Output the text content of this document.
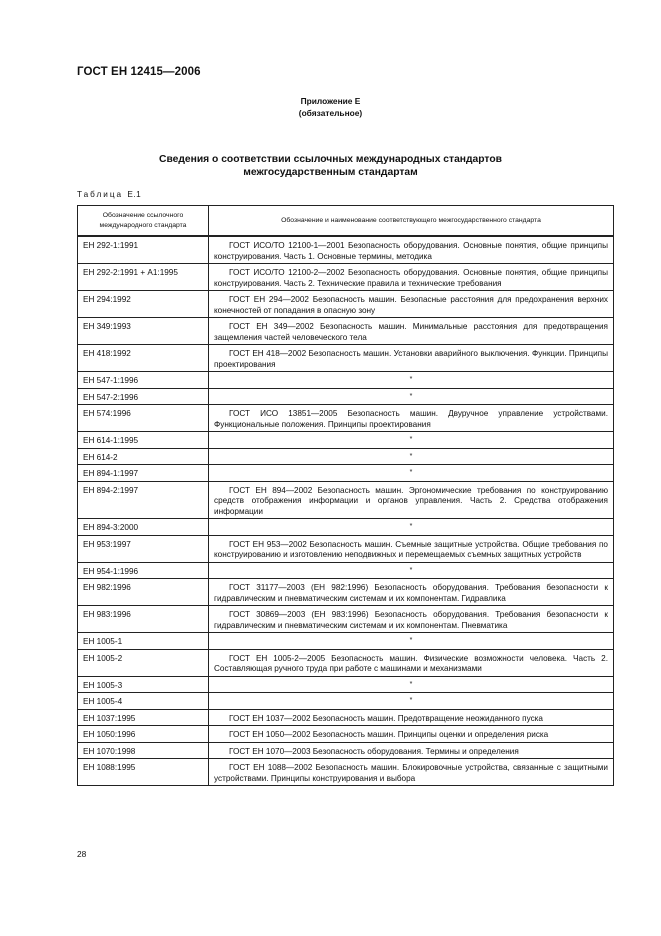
ГОСТ ЕН 12415—2006
Приложение Е
(обязательное)
Сведения о соответствии ссылочных международных стандартов
межгосударственным стандартам
Таблица Е.1
Обозначение ссылочного международного стандарта	Обозначение и наименование соответствующего межгосударственного стандарта
ЕН 292-1:1991	ГОСТ ИСО/ТО 12100-1—2001 Безопасность оборудования. Основные понятия, общие принципы конструирования. Часть 1. Основные термины, методика
ЕН 292-2:1991 + А1:1995	ГОСТ ИСО/ТО 12100-2—2002 Безопасность оборудования. Основные понятия, общие принципы конструирования. Часть 2. Технические правила и технические требования
ЕН 294:1992	ГОСТ ЕН 294—2002 Безопасность машин. Безопасные расстояния для предохранения верхних конечностей от попадания в опасную зону
ЕН 349:1993	ГОСТ ЕН 349—2002 Безопасность машин. Минимальные расстояния для предотвращения защемления частей человеческого тела
ЕН 418:1992	ГОСТ ЕН 418—2002 Безопасность машин. Установки аварийного выключения. Функции. Принципы проектирования
ЕН 547-1:1996	*
ЕН 547-2:1996	*
ЕН 574:1996	ГОСТ ИСО 13851—2005 Безопасность машин. Двуручное управление устройствами. Функциональные положения. Принципы проектирования
ЕН 614-1:1995	*
ЕН 614-2	*
ЕН 894-1:1997	*
ЕН 894-2:1997	ГОСТ ЕН 894—2002 Безопасность машин. Эргономические требования по конструированию средств отображения информации и органов управления. Часть 2. Средства отображения информации
ЕН 894-3:2000	*
ЕН 953:1997	ГОСТ ЕН 953—2002 Безопасность машин. Съемные защитные устройства. Общие требования по конструированию и изготовлению неподвижных и перемещаемых съемных защитных устройств
ЕН 954-1:1996	*
ЕН 982:1996	ГОСТ 31177—2003 (ЕН 982:1996) Безопасность оборудования. Требования безопасности к гидравлическим и пневматическим системам и их компонентам. Гидравлика
ЕН 983:1996	ГОСТ 30869—2003 (ЕН 983:1996) Безопасность оборудования. Требования безопасности к гидравлическим и пневматическим системам и их компонентам. Пневматика
ЕН 1005-1	*
ЕН 1005-2	ГОСТ ЕН 1005-2—2005 Безопасность машин. Физические возможности человека. Часть 2. Составляющая ручного труда при работе с машинами и механизмами
ЕН 1005-3	*
ЕН 1005-4	*
ЕН 1037:1995	ГОСТ ЕН 1037—2002 Безопасность машин. Предотвращение неожиданного пуска
ЕН 1050:1996	ГОСТ ЕН 1050—2002 Безопасность машин. Принципы оценки и определения риска
ЕН 1070:1998	ГОСТ ЕН 1070—2003 Безопасность оборудования. Термины и определения
ЕН 1088:1995	ГОСТ ЕН 1088—2002 Безопасность машин. Блокировочные устройства, связанные с защитными устройствами. Принципы конструирования и выбора
28
